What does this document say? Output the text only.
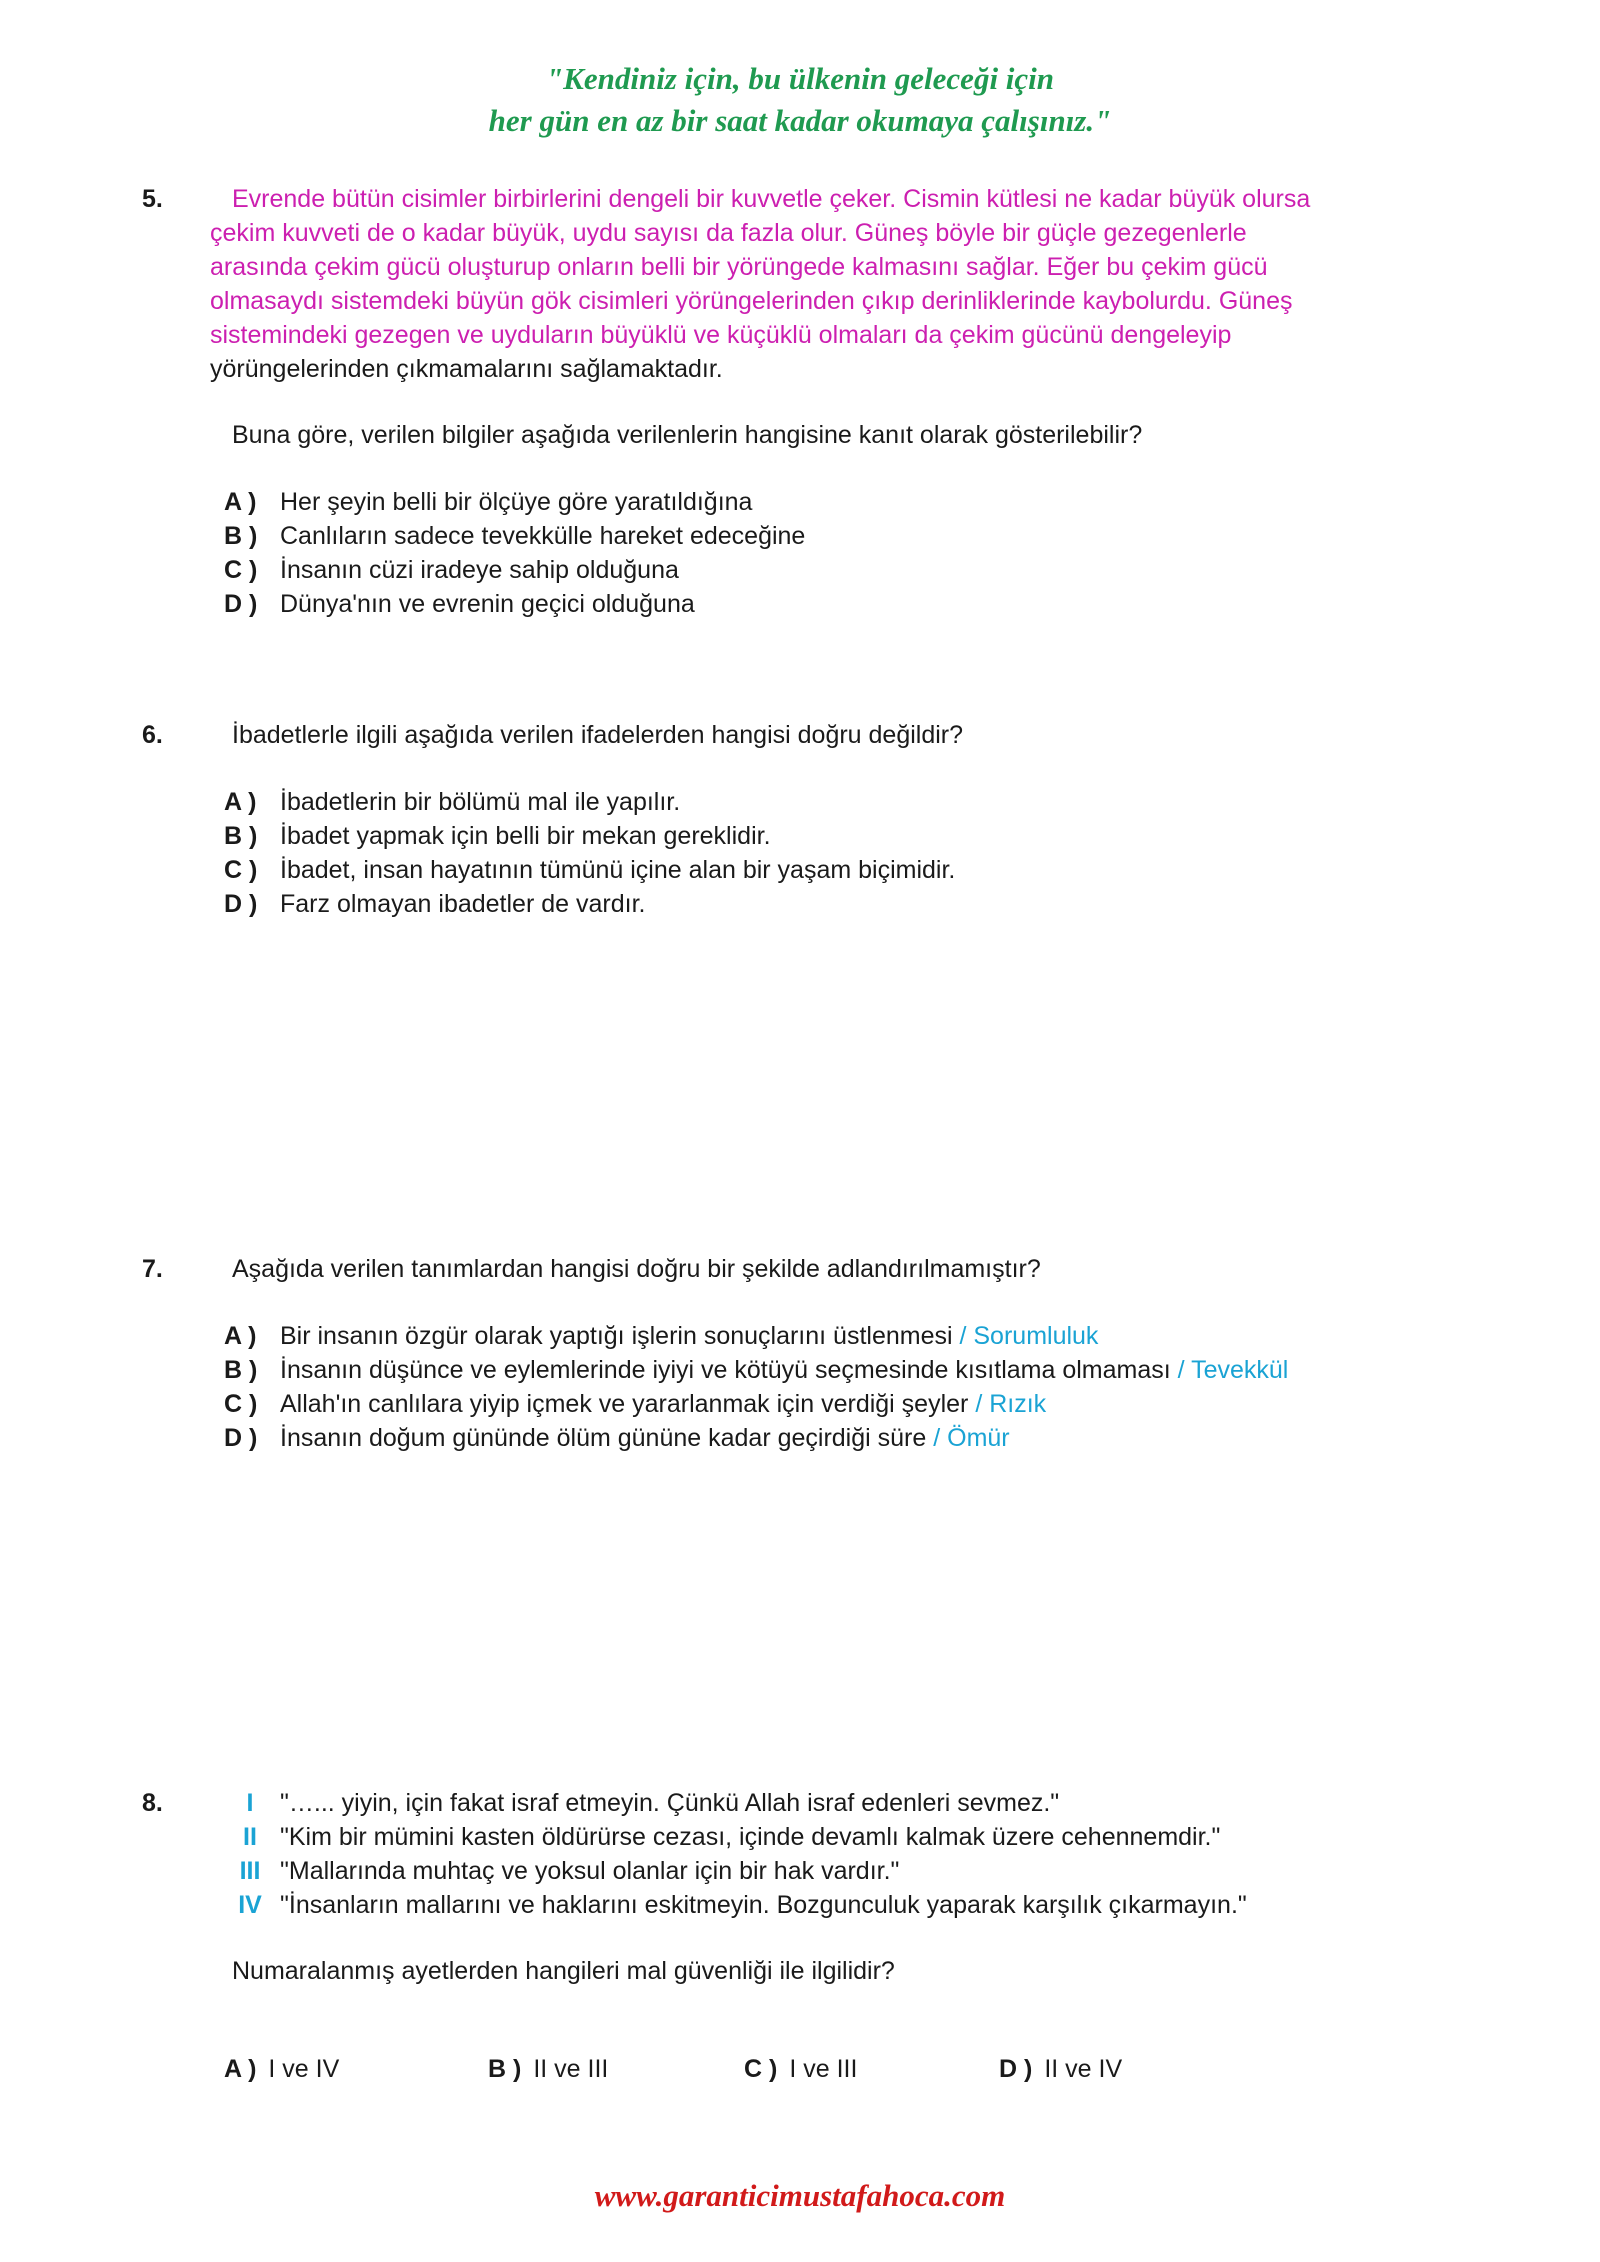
"Kendiniz için, bu ülkenin geleceği için
her gün en az bir saat kadar okumaya çalışınız."
5.	Evrende bütün cisimler birbirlerini dengeli bir kuvvetle çeker. Cismin kütlesi ne kadar büyük olursa
çekim kuvveti de o kadar büyük, uydu sayısı da fazla olur. Güneş böyle bir güçle gezegenlerle
arasında çekim gücü oluşturup onların belli bir yörüngede kalmasını sağlar. Eğer bu çekim gücü
olmasaydı sistemdeki büyün gök cisimleri yörüngelerinden çıkıp derinliklerinde kaybolurdu. Güneş
sistemindeki gezegen ve uyduların büyüklü ve küçüklü olmaları da çekim gücünü dengeleyip
yörüngelerinden çıkmamalarını sağlamaktadır.
Buna göre, verilen bilgiler aşağıda verilenlerin hangisine kanıt olarak gösterilebilir?
A ) Her şeyin belli bir ölçüye göre yaratıldığına
B ) Canlıların sadece tevekkülle hareket edeceğine
C ) İnsanın cüzi iradeye sahip olduğuna
D ) Dünya'nın ve evrenin geçici olduğuna
6.	İbadetlerle ilgili aşağıda verilen ifadelerden hangisi doğru değildir?
A ) İbadetlerin bir bölümü mal ile yapılır.
B ) İbadet yapmak için belli bir mekan gereklidir.
C ) İbadet, insan hayatının tümünü içine alan bir yaşam biçimidir.
D ) Farz olmayan ibadetler de vardır.
7.	Aşağıda verilen tanımlardan hangisi doğru bir şekilde adlandırılmamıştır?
A ) Bir insanın özgür olarak yaptığı işlerin sonuçlarını üstlenmesi / Sorumluluk
B ) İnsanın düşünce ve eylemlerinde iyiyi ve kötüyü seçmesinde kısıtlama olmaması / Tevekkül
C ) Allah'ın canlılara yiyip içmek ve yararlanmak için verdiği şeyler / Rızık
D ) İnsanın doğum gününde ölüm gününe kadar geçirdiği süre / Ömür
8.	I	"…... yiyin, için fakat israf etmeyin. Çünkü Allah israf edenleri sevmez."
II "Kim bir mümini kasten öldürürse cezası, içinde devamlı kalmak üzere cehennemdir."
III "Mallarında muhtaç ve yoksul olanlar için bir hak vardır."
IV "İnsanların mallarını ve haklarını eskitmeyin. Bozgunculuk yaparak karşılık çıkarmayın."
Numaralanmış ayetlerden hangileri mal güvenliği ile ilgilidir?
A ) I ve IV	B ) II ve III	C ) I ve III	D ) II ve IV
www.garanticimustafahoca.com
